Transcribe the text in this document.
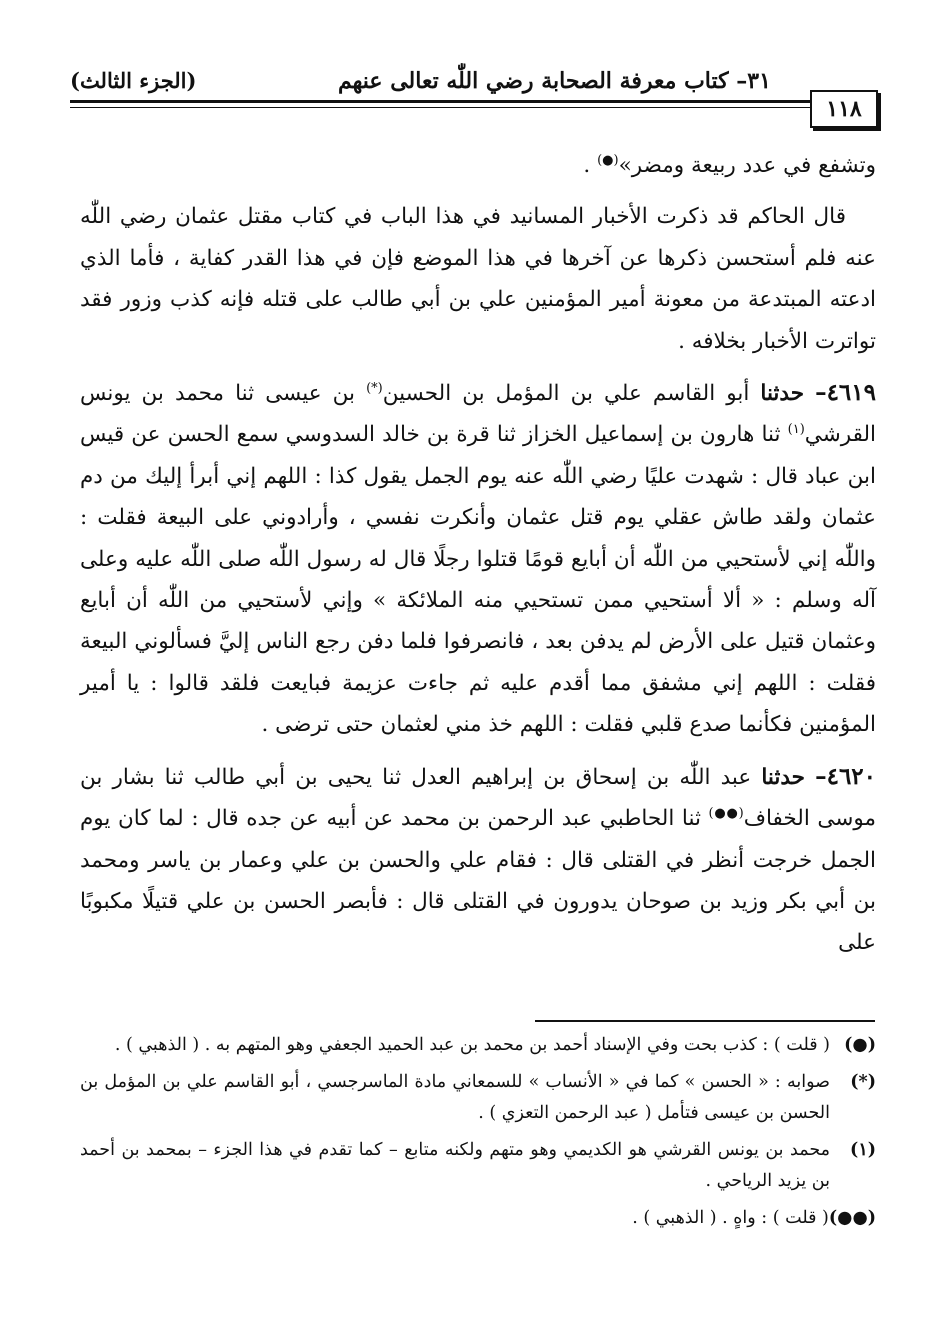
(الجزء الثالث)	٣١– كتاب معرفة الصحابة رضي اللّٰه تعالى عنهم
١١٨

وتشفع في عدد ربيعة ومضر»(●) .

قال الحاكم قد ذكرت الأخبار المسانيد في هذا الباب في كتاب مقتل عثمان رضي اللّٰه عنه فلم أستحسن ذكرها عن آخرها في هذا الموضع فإن في هذا القدر كفاية ، فأما الذي ادعته المبتدعة من معونة أمير المؤمنين علي بن أبي طالب على قتله فإنه كذب وزور فقد تواترت الأخبار بخلافه .

٤٦١٩– حدثنا أبو القاسم علي بن المؤمل بن الحسين(*) بن عيسى ثنا محمد بن يونس القرشي$^{(١)}$ ثنا هارون بن إسماعيل الخزاز ثنا قرة بن خالد السدوسي سمع الحسن عن قيس ابن عباد قال : شهدت عليًا رضي اللّٰه عنه يوم الجمل يقول كذا : اللهم إني أبرأ إليك من دم عثمان ولقد طاش عقلي يوم قتل عثمان وأنكرت نفسي ، وأرادوني على البيعة فقلت : واللّٰه إني لأستحيي من اللّٰه أن أبايع قومًا قتلوا رجلًا قال له رسول اللّٰه صلى اللّٰه عليه وعلى آله وسلم : « ألا أستحيي ممن تستحيي منه الملائكة » وإني لأستحيي من اللّٰه أن أبايع وعثمان قتيل على الأرض لم يدفن بعد ، فانصرفوا فلما دفن رجع الناس إليَّ فسألوني البيعة فقلت : اللهم إني مشفق مما أقدم عليه ثم جاءت عزيمة فبايعت فلقد قالوا : يا أمير المؤمنين فكأنما صدع قلبي فقلت : اللهم خذ مني لعثمان حتى ترضى .

٤٦٢٠– حدثنا عبد اللّٰه بن إسحاق بن إبراهيم العدل ثنا يحيى بن أبي طالب ثنا بشار بن موسى الخفاف(●●) ثنا الحاطبي عبد الرحمن بن محمد عن أبيه عن جده قال : لما كان يوم الجمل خرجت أنظر في القتلى قال : فقام علي والحسن بن علي وعمار بن ياسر ومحمد بن أبي بكر وزيد بن صوحان يدورون في القتلى قال : فأبصر الحسن بن علي قتيلًا مكبوبًا على

(●)
( قلت ) : كذب بحت وفي الإسناد أحمد بن محمد بن عبد الحميد الجعفي وهو المتهم به . ( الذهبي ) .
(*)
صوابه : « الحسن » كما في « الأنساب » للسمعاني مادة الماسرجسي ، أبو القاسم علي بن المؤمل بن الحسن بن عيسى فتأمل ( عبد الرحمن التعزي ) .
(١)
محمد بن يونس القرشي هو الكديمي وهو متهم ولكنه متابع – كما تقدم في هذا الجزء – بمحمد بن أحمد بن يزيد الرياحي .
(●●)
( قلت ) : واهٍ . ( الذهبي ) .
